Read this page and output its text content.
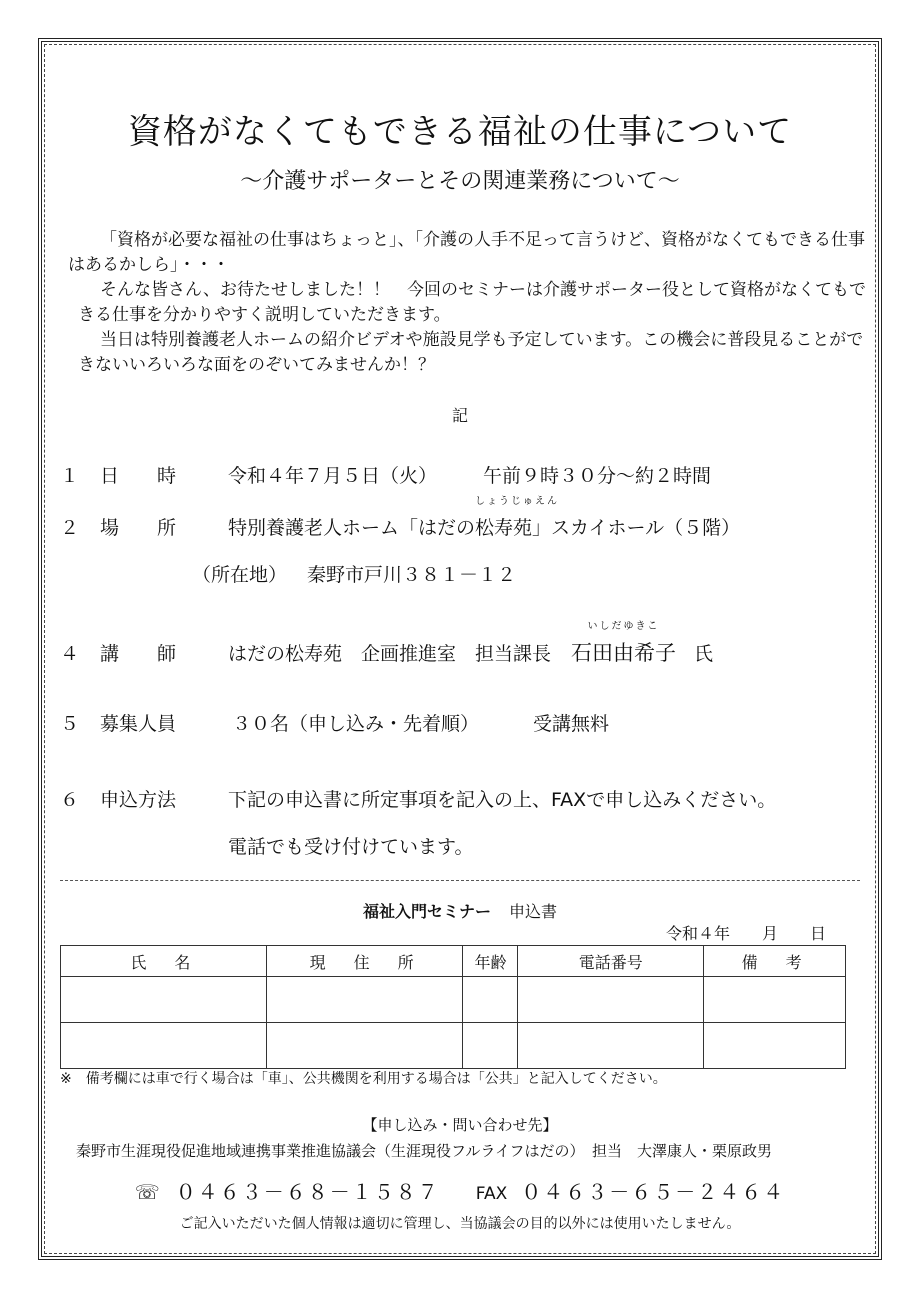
資格がなくてもできる福祉の仕事について
～介護サポーターとその関連業務について～

「資格が必要な福祉の仕事はちょっと」、「介護の人手不足って言うけど、資格がなくてもできる仕事はあるかしら」・・・

そんな皆さん、お待たせしました！！　今回のセミナーは介護サポーター役として資格がなくてもできる仕事を分かりやすく説明していただきます。

当日は特別養護老人ホームの紹介ビデオや施設見学も予定しています。この機会に普段見ることができないいろいろな面をのぞいてみませんか！？

記
１ 日　　時	令和４年７月５日（火） 午前９時３０分～約２時間
２ 場　　所	特別養護老人ホーム「はだの
しょうじゅえん
松寿苑」スカイホール（５階）
（所在地） 秦野市戸川３８１－１２
４ 講　　師	はだの松寿苑　企画推進室　担当課長
いしだゆきこ
石田由希子 氏
５ 募集人員	３０名（申し込み・先着順）	受講無料
６ 申込方法	下記の申込書に所定事項を記入の上、FAXで申し込みください。
電話でも受け付けています。
福祉入門セミナー 申込書
令和４年　　月　　日
氏　名	現　住　所	年齢	電話番号	備　考

※　備考欄には車で行く場合は「車」、公共機関を利用する場合は「公共」と記入してください。
【申し込み・問い合わせ先】
秦野市生涯現役促進地域連携事業推進協議会（生涯現役フルライフはだの）　担当　大澤康人・栗原政男
☏ ０４６３－６８－１５８７ FAX ０４６３－６５－２４６４
ご記入いただいた個人情報は適切に管理し、当協議会の目的以外には使用いたしません。
